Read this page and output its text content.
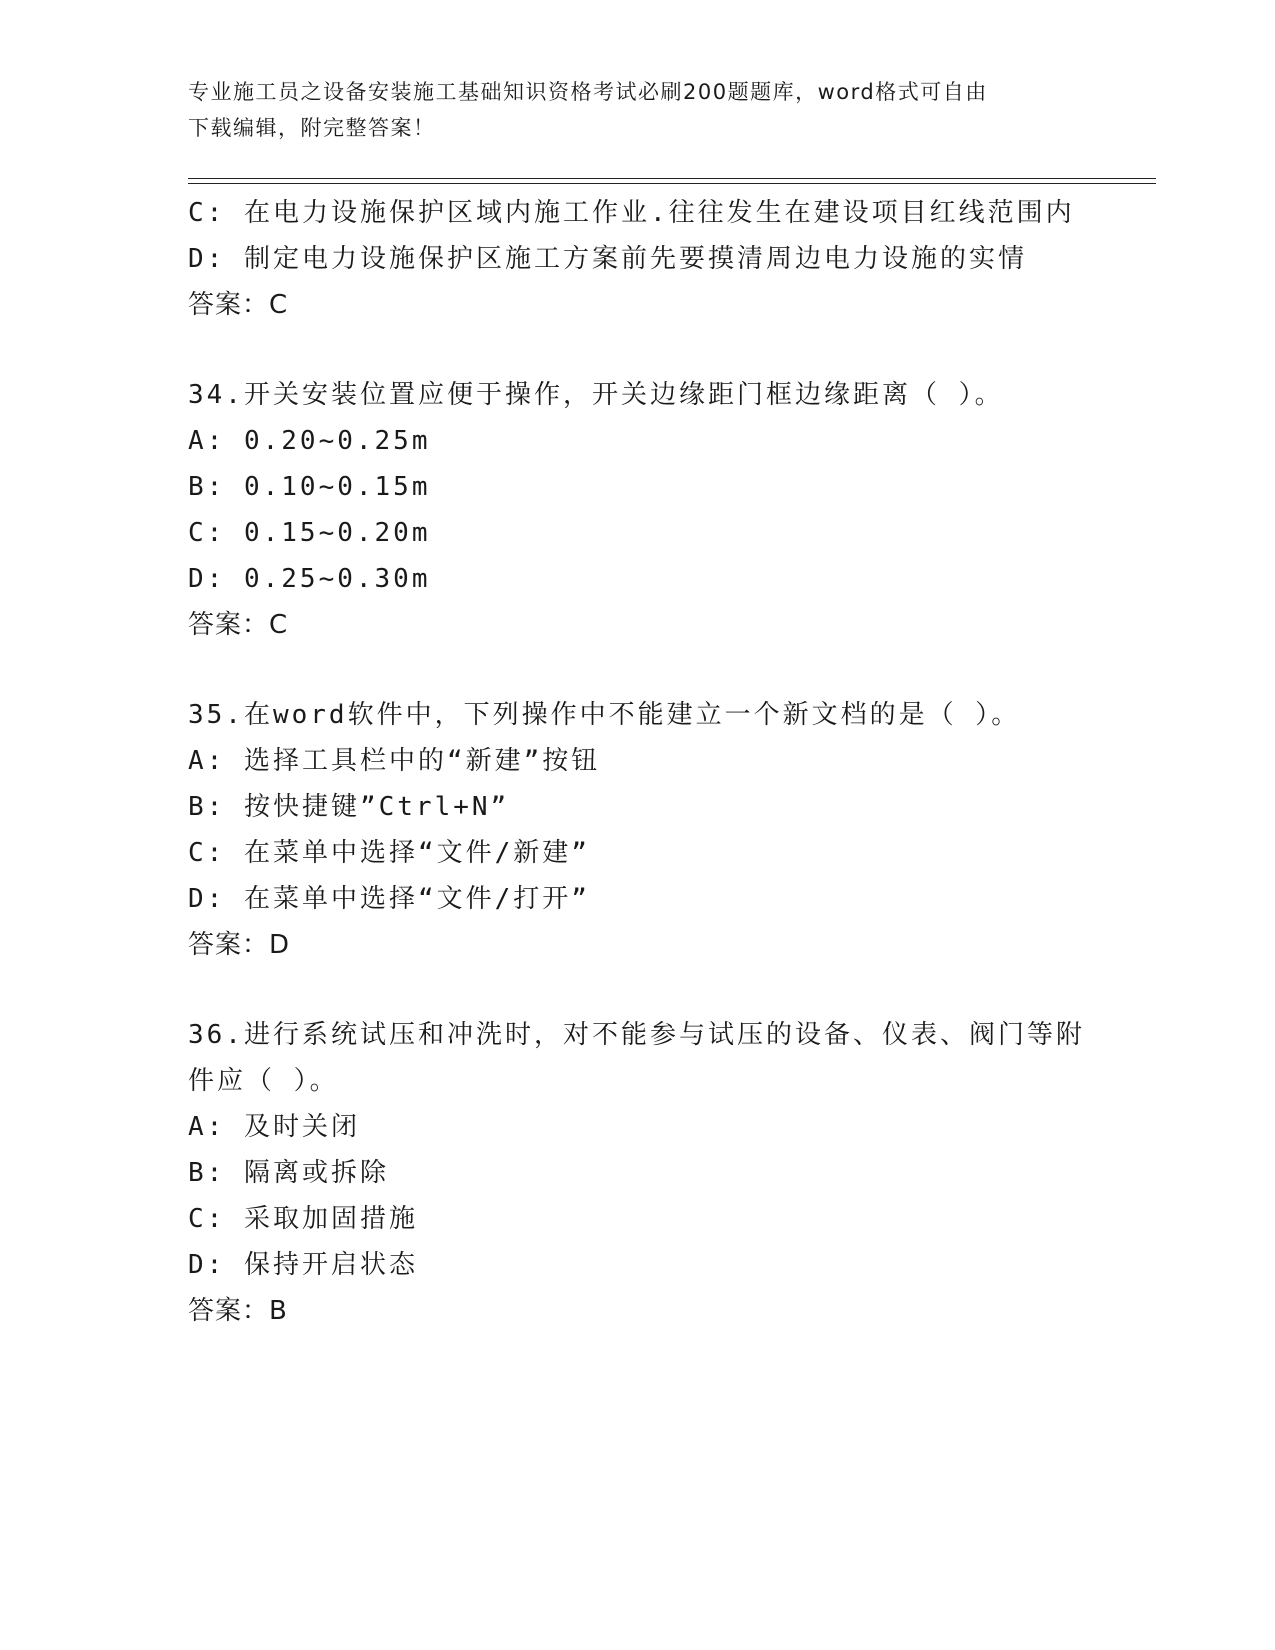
专业施工员之设备安装施工基础知识资格考试必刷200题题库，word格式可自由
下载编辑，附完整答案！
C: 在电力设施保护区域内施工作业.往往发生在建设项目红线范围内
D: 制定电力设施保护区施工方案前先要摸清周边电力设施的实情
答案：C
34.开关安装位置应便于操作，开关边缘距门框边缘距离（ ）。
A: 0.20~0.25m
B: 0.10~0.15m
C: 0.15~0.20m
D: 0.25~0.30m
答案：C
35.在word软件中，下列操作中不能建立一个新文档的是（ ）。
A: 选择工具栏中的“新建”按钮
B: 按快捷键”Ctrl+N”
C: 在菜单中选择“文件/新建”
D: 在菜单中选择“文件/打开”
答案：D
36.进行系统试压和冲洗时，对不能参与试压的设备、仪表、阀门等附
件应（ ）。
A: 及时关闭
B: 隔离或拆除
C: 采取加固措施
D: 保持开启状态
答案：B
